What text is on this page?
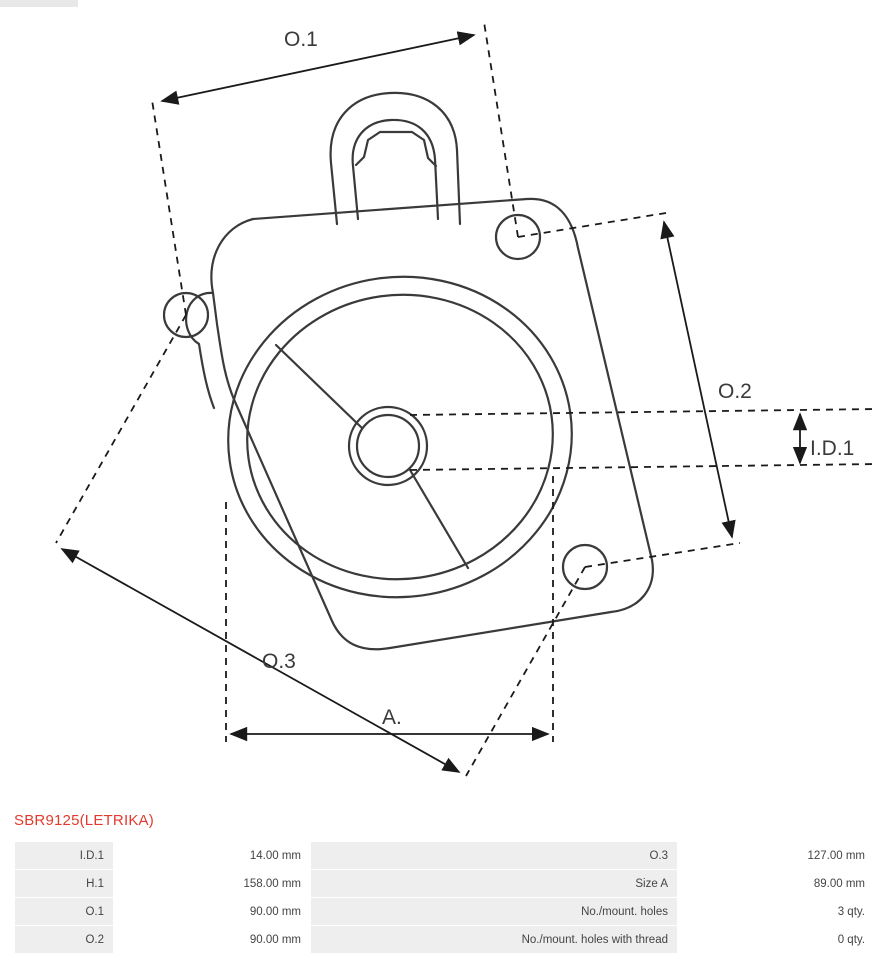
O.1
O.2
O.3
I.D.1
A.
SBR9125(LETRIKA)
I.D.1	14.00 mm	O.3	127.00 mm
H.1	158.00 mm	Size A	89.00 mm
O.1	90.00 mm	No./mount. holes	3 qty.
O.2	90.00 mm	No./mount. holes with thread	0 qty.
